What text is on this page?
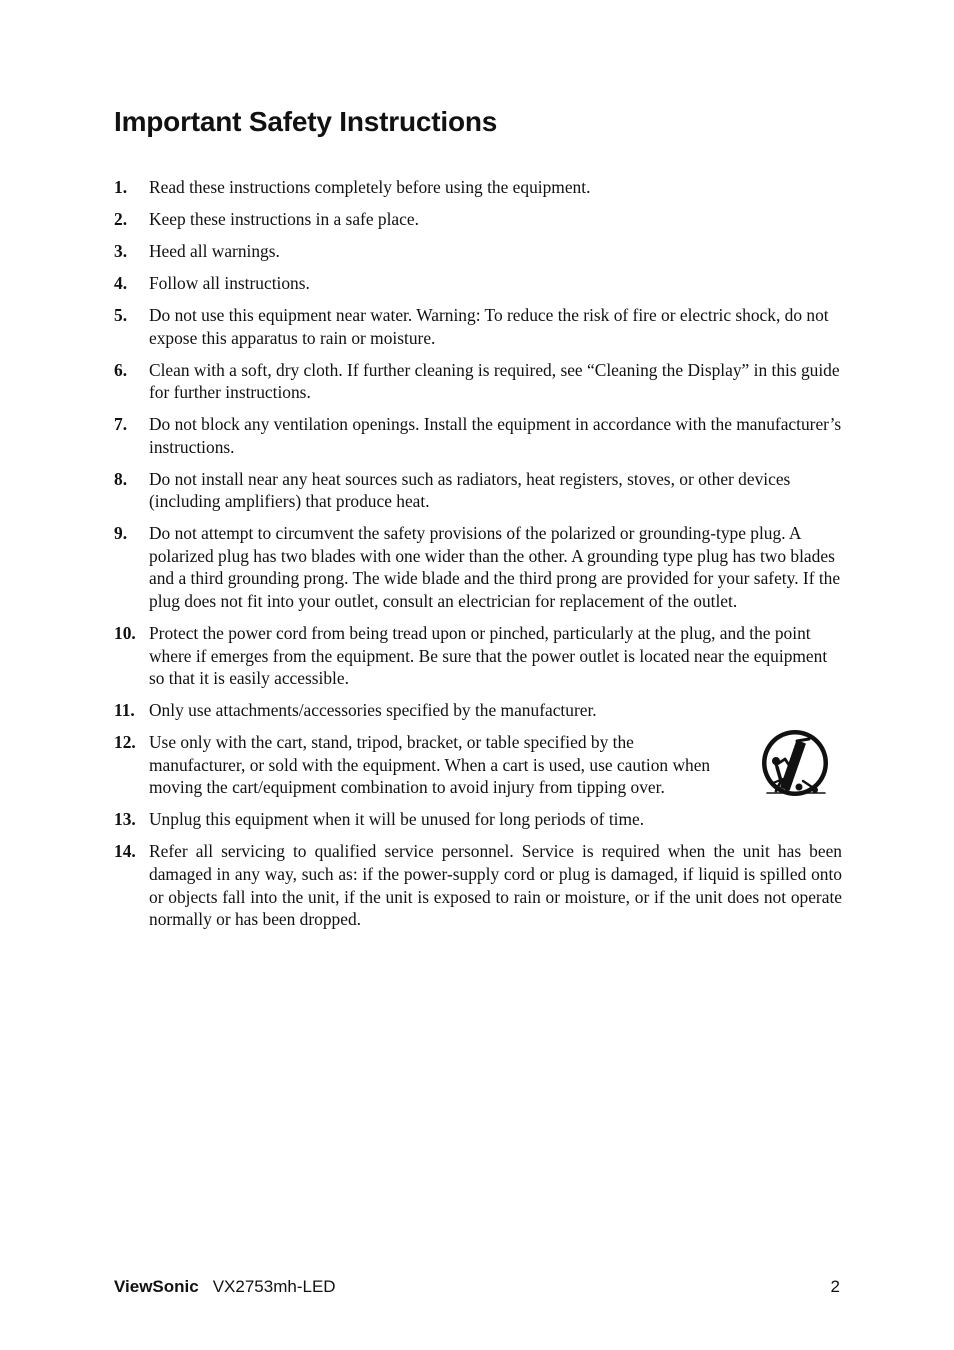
Important Safety Instructions
1. Read these instructions completely before using the equipment.
2. Keep these instructions in a safe place.
3. Heed all warnings.
4. Follow all instructions.
5. Do not use this equipment near water. Warning: To reduce the risk of fire or electric shock, do not expose this apparatus to rain or moisture.
6. Clean with a soft, dry cloth. If further cleaning is required, see “Cleaning the Display” in this guide for further instructions.
7. Do not block any ventilation openings. Install the equipment in accordance with the manufacturer’s instructions.
8. Do not install near any heat sources such as radiators, heat registers, stoves, or other devices (including amplifiers) that produce heat.
9. Do not attempt to circumvent the safety provisions of the polarized or grounding-type plug. A polarized plug has two blades with one wider than the other. A grounding type plug has two blades and a third grounding prong. The wide blade and the third prong are provided for your safety. If the plug does not fit into your outlet, consult an electrician for replacement of the outlet.
10. Protect the power cord from being tread upon or pinched, particularly at the plug, and the point where if emerges from the equipment. Be sure that the power outlet is located near the equipment so that it is easily accessible.
11. Only use attachments/accessories specified by the manufacturer.
12. Use only with the cart, stand, tripod, bracket, or table specified by the manufacturer, or sold with the equipment. When a cart is used, use caution when moving the cart/equipment combination to avoid injury from tipping over.
13. Unplug this equipment when it will be unused for long periods of time.
14. Refer all servicing to qualified service personnel. Service is required when the unit has been damaged in any way, such as: if the power-supply cord or plug is damaged, if liquid is spilled onto or objects fall into the unit, if the unit is exposed to rain or moisture, or if the unit does not operate normally or has been dropped.
ViewSonic VX2753mh-LED	2
